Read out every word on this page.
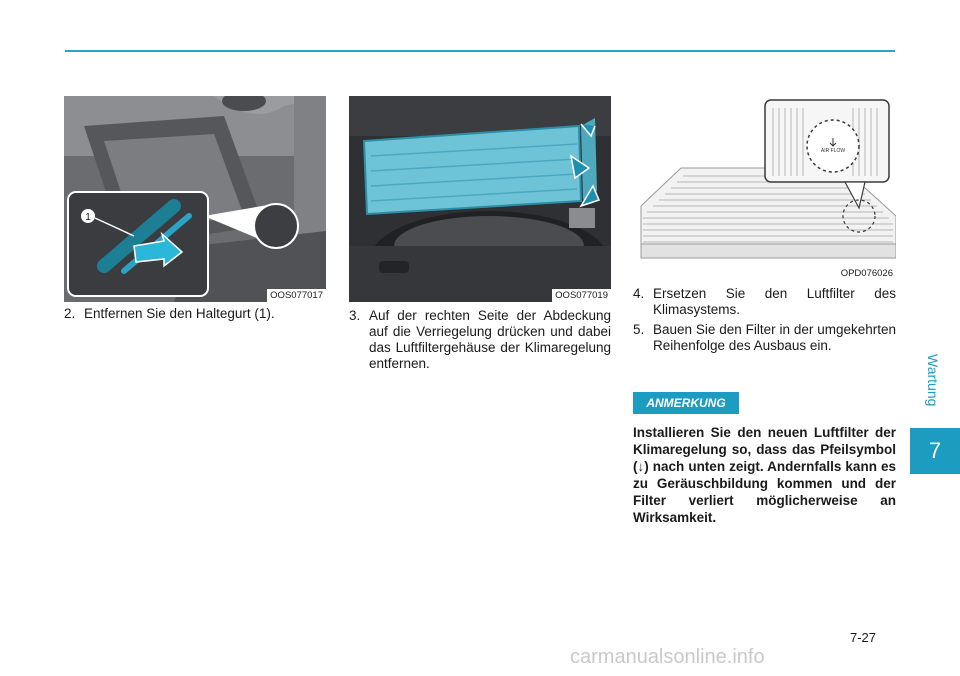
Wartung
7
1
OOS077017	OOS077019
AIR FLOW
OPD076026
2. Entfernen Sie den Haltegurt (1).	3. Auf der rechten Seite der Abdeckung auf die Verriegelung drücken und dabei das Luftfiltergehäuse der Klimaregelung entfernen.
4. Ersetzen Sie den Luftfilter des Klimasystems.
5. Bauen Sie den Filter in der umgekehrten Reihenfolge des Ausbaus ein.
ANMERKUNG
Installieren Sie den neuen Luftfilter der Klimaregelung so, dass das Pfeilsymbol (↓) nach unten zeigt. Andernfalls kann es zu Geräuschbildung kommen und der Filter verliert möglicherweise an Wirksamkeit.
7-27
carmanualsonline.info
